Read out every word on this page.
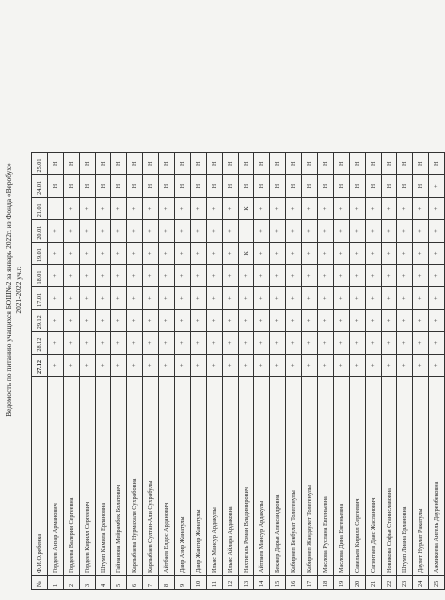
Ведомость по питанию учащихся БОШ№2 за январь 2022г. из Фонда «Веробух» 2021-2022 уч.г.
№	Ф.И.О.ребенка	27.12	28.12	29.12	17.01	18.01	19.01	20.01	21.01	24.01	25.01
1	Гордеев Анзар Арманович	+	+	+	+	+	+	+		Н	Н
2	Гордеева Валерия Сергеевна	+	+	+	+	+	+	+	+	Н	Н
3	Гордеев Кирилл Сергеевич	+	+	+	+	+	+	+	+	Н	Н
4	Штумп Камила Ерлановна	+	+	+	+	+	+	+	+	Н	Н
5	Гайнанова Мейрамбек Болатович	+	+	+	+	+	+	+	+	Н	Н
6	Карлыбаева Нурмахаля Сухрабовна	+	+	+	+	+	+	+	+	Н	Н
7	Карлыбаев Султан-Али Сухрабулы	+	+	+	+	+	+	+	+	Н	Н
8	Айтбаев Елдос Арданович	+	+	+	+	+	+	+	+	Н	Н
9	Даир Азир Жанатулы	+	+	+	+	+	+	+	+	Н	Н
10	Даир Жангир Жанатулы	+	+	+	+	+	+	+	+	Н	Н
11	Ильяс Мансур Ардакулы	+	+	+	+	+	+	+	+	Н	Н
12	Ильяс Айлара Ардаковна	+	+	+	+	+	+	+	+	Н	Н
13	Нахтигаль Роман Владимирович	+	+	+	+	+	К		К	Н	Н
14	Айтпаев Мансур Ардакулы	+	+	+	+	+	+	+	+	Н	Н
15	Бекжер Дарья Александровна	+	+	+	+	+	+	+	+	Н	Н
16	Кабирнеп Бекбулат Толегенулы	+	+	+	+	+	+	+	+	Н	Н
17	Кабирнеп Жандаулет Толегенулы	+	+	+	+	+	+	+	+	Н	Н
18	Маслова Руслана Евгеньевна	+	+	+	+	+	+	+	+	Н	Н
19	Маслова Дина Евгеньевна	+	+	+	+	+	+	+	+	Н	Н
20	Савельев Кирилл Сергеевич	+	+	+	+	+	+	+	+	Н	Н
21	Сагинтаев Даяс Жасланович	+	+	+	+	+	+	+	+	Н	Н
22	Новикова Софья Станиславовна	+	+	+	+	+	+	+	+	Н	Н
23	Штумп Лиана Ерлановна	+	+	+	+	+	+	+	+	Н	Н
24	Даулет Нурлат Ракатулы	+	+	+	+	+	+	+	+	Н	Н
25	Ажмикеева Ангель Дауренбековна	+	+	+	+	+	+	+	+	+	Н
